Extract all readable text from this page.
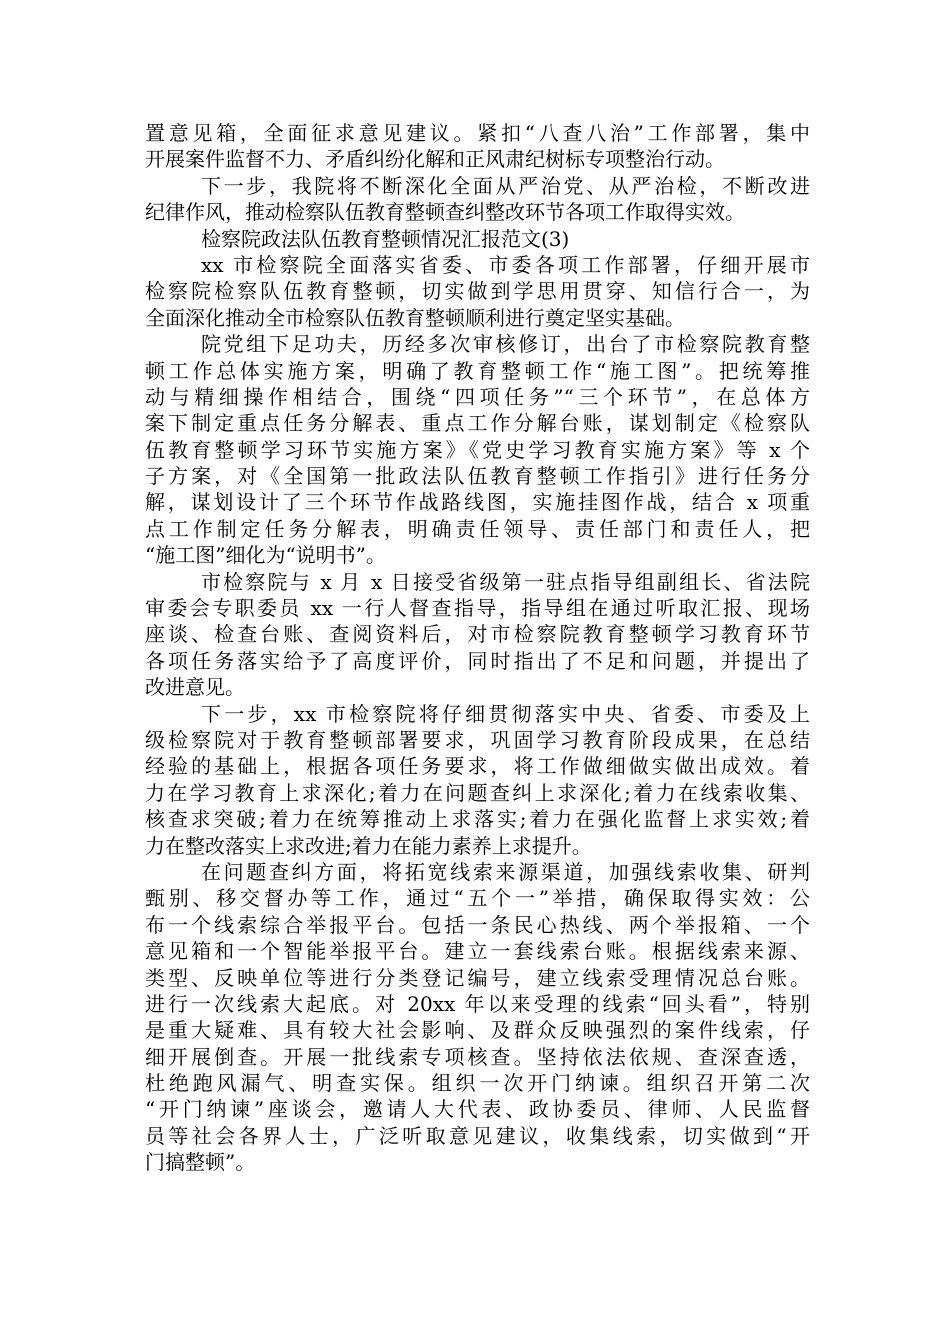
置意见箱，全面征求意见建议。紧扣“八查八治”工作部署，集中
开展案件监督不力、矛盾纠纷化解和正风肃纪树标专项整治行动。
下一步，我院将不断深化全面从严治党、从严治检，不断改进
纪律作风，推动检察队伍教育整顿查纠整改环节各项工作取得实效。
检察院政法队伍教育整顿情况汇报范文(3)
xx 市检察院全面落实省委、市委各项工作部署，仔细开展市
检察院检察队伍教育整顿，切实做到学思用贯穿、知信行合一，为
全面深化推动全市检察队伍教育整顿顺利进行奠定坚实基础。
院党组下足功夫，历经多次审核修订，出台了市检察院教育整
顿工作总体实施方案，明确了教育整顿工作“施工图”。把统筹推
动与精细操作相结合，围绕“四项任务”“三个环节”，在总体方
案下制定重点任务分解表、重点工作分解台账，谋划制定《检察队
伍教育整顿学习环节实施方案》《党史学习教育实施方案》等 x 个
子方案，对《全国第一批政法队伍教育整顿工作指引》进行任务分
解，谋划设计了三个环节作战路线图，实施挂图作战，结合 x 项重
点工作制定任务分解表，明确责任领导、责任部门和责任人，把
“施工图”细化为“说明书”。
市检察院与 x 月 x 日接受省级第一驻点指导组副组长、省法院
审委会专职委员 xx 一行人督查指导，指导组在通过听取汇报、现场
座谈、检查台账、查阅资料后，对市检察院教育整顿学习教育环节
各项任务落实给予了高度评价，同时指出了不足和问题，并提出了
改进意见。
下一步，xx 市检察院将仔细贯彻落实中央、省委、市委及上
级检察院对于教育整顿部署要求，巩固学习教育阶段成果，在总结
经验的基础上，根据各项任务要求，将工作做细做实做出成效。着
力在学习教育上求深化;着力在问题查纠上求深化;着力在线索收集、
核查求突破;着力在统筹推动上求落实;着力在强化监督上求实效;着
力在整改落实上求改进;着力在能力素养上求提升。
在问题查纠方面，将拓宽线索来源渠道，加强线索收集、研判
甄别、移交督办等工作，通过“五个一”举措，确保取得实效：公
布一个线索综合举报平台。包括一条民心热线、两个举报箱、一个
意见箱和一个智能举报平台。建立一套线索台账。根据线索来源、
类型、反映单位等进行分类登记编号，建立线索受理情况总台账。
进行一次线索大起底。对 20xx 年以来受理的线索“回头看”，特别
是重大疑难、具有较大社会影响、及群众反映强烈的案件线索，仔
细开展倒查。开展一批线索专项核查。坚持依法依规、查深查透，
杜绝跑风漏气、明查实保。组织一次开门纳谏。组织召开第二次
“开门纳谏”座谈会，邀请人大代表、政协委员、律师、人民监督
员等社会各界人士，广泛听取意见建议，收集线索，切实做到“开
门搞整顿”。
